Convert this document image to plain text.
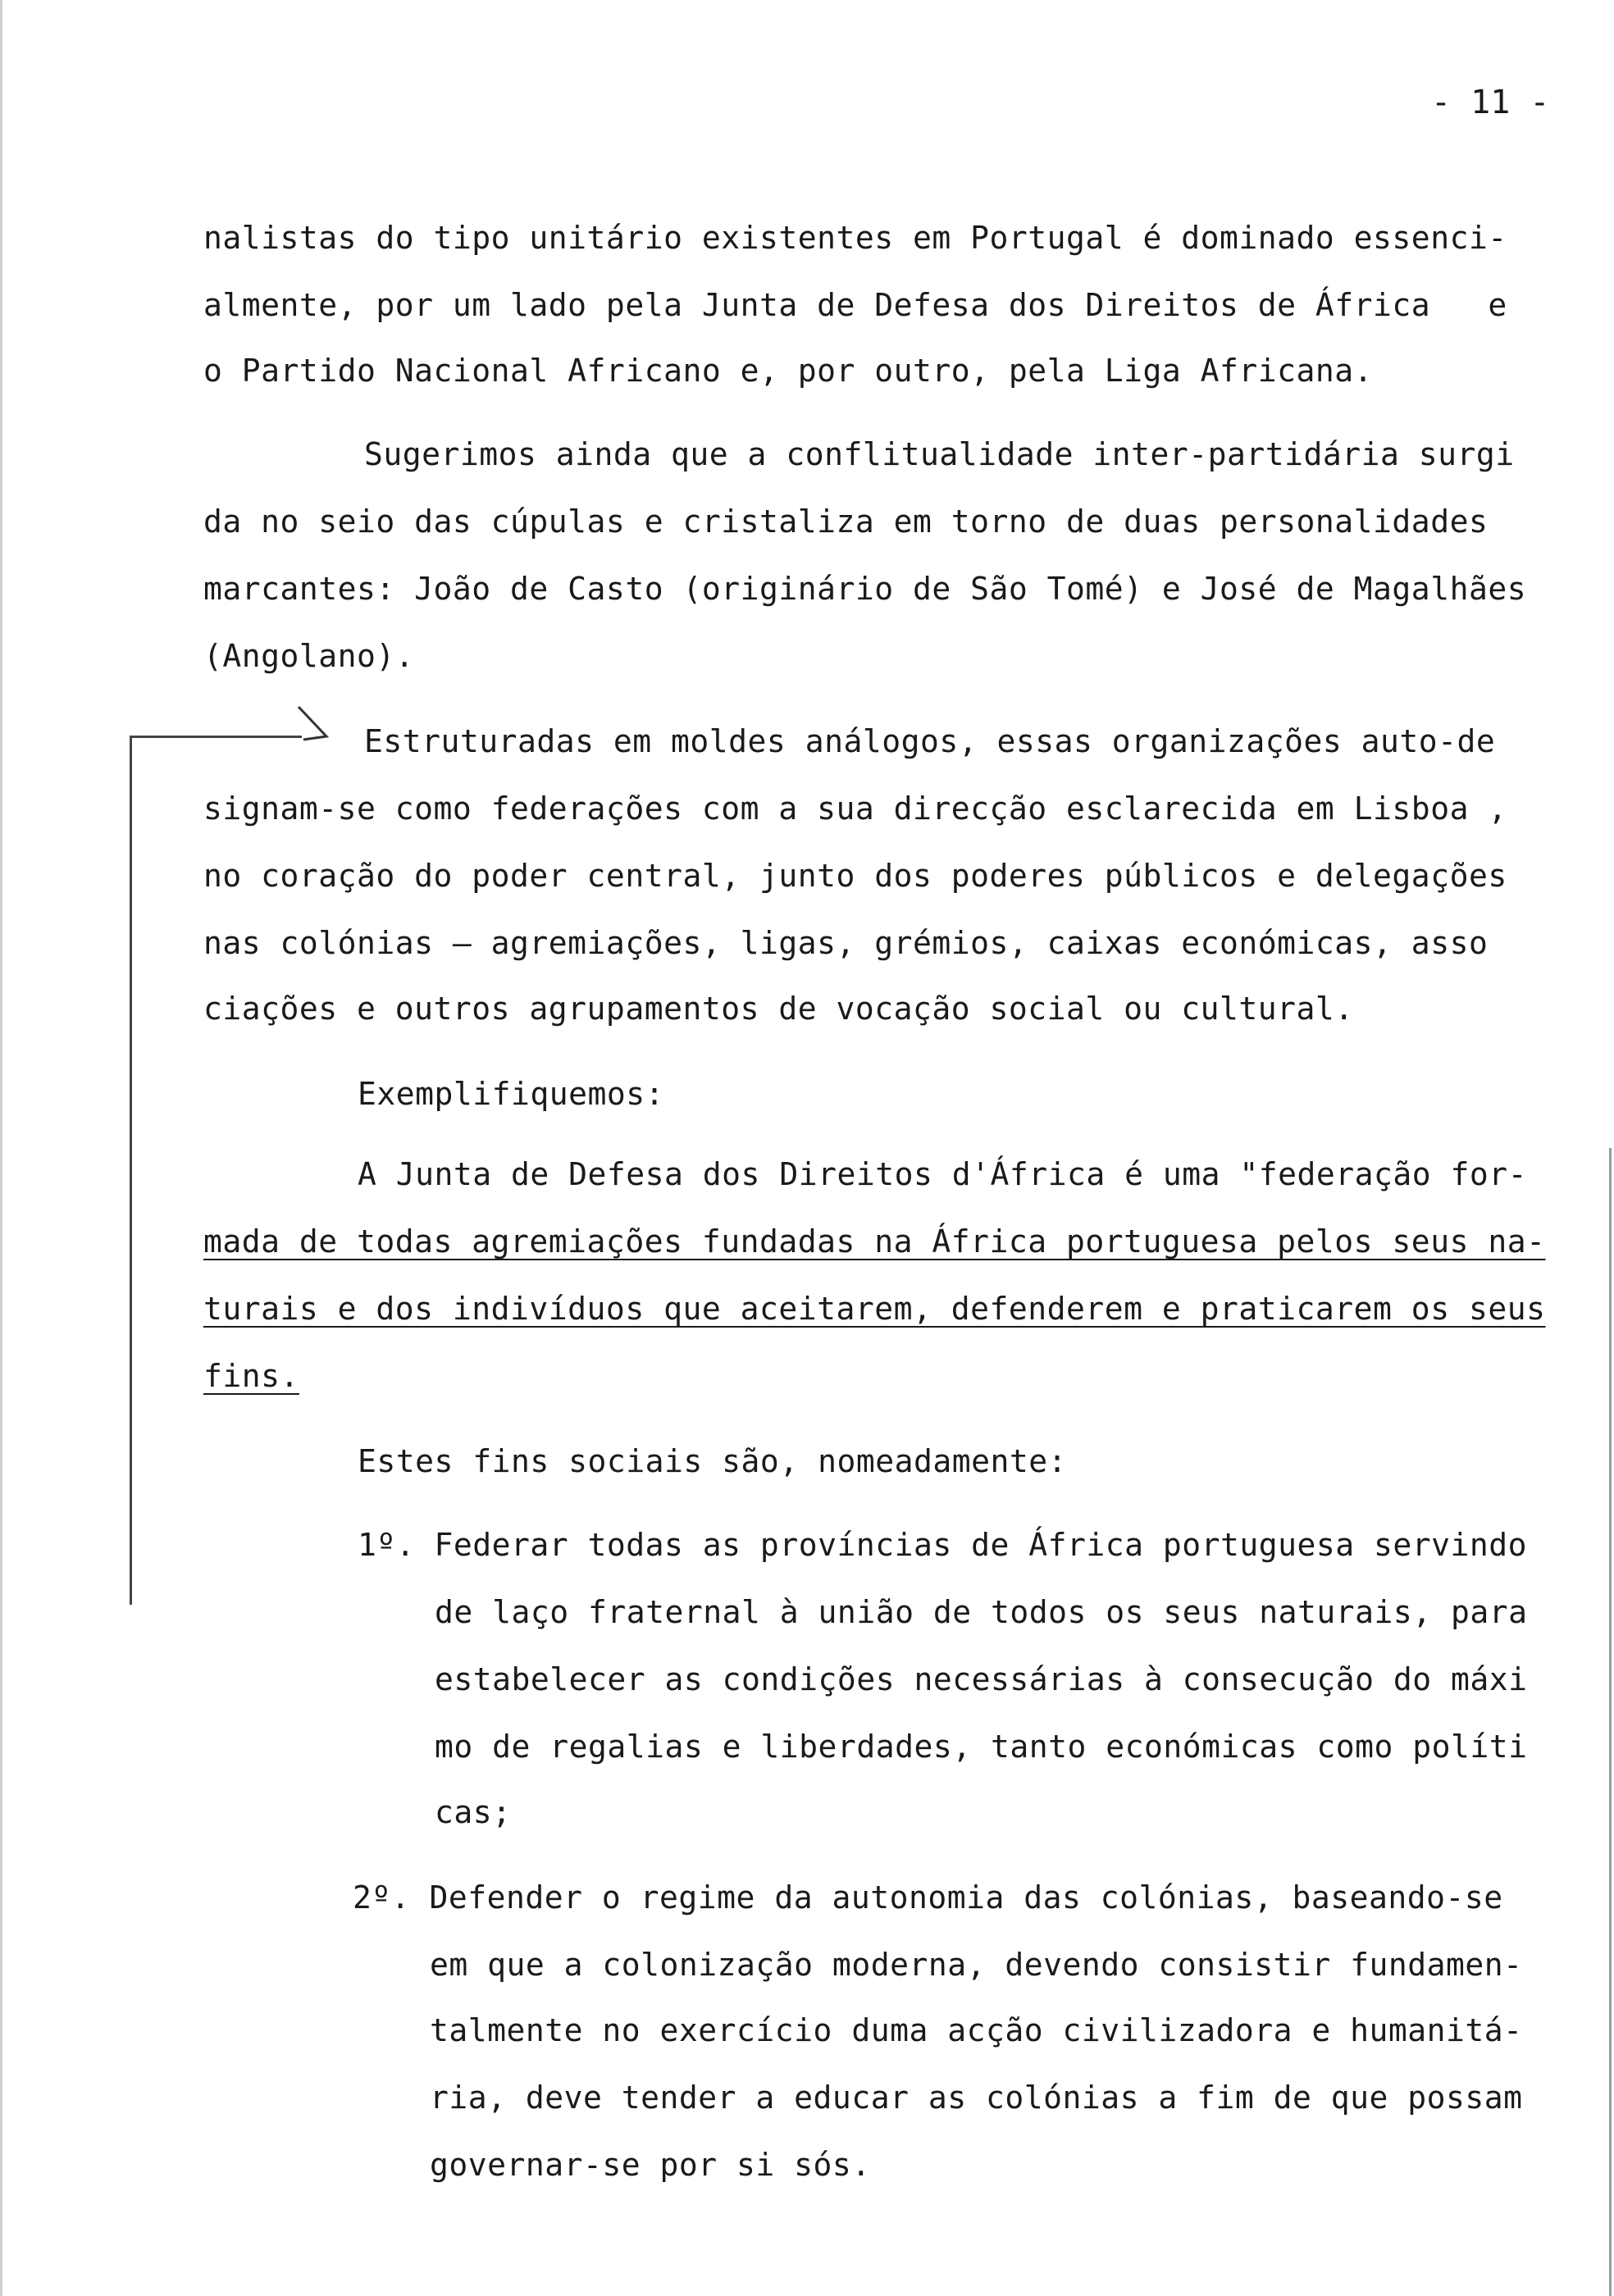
- 11 -
nalistas do tipo unitário existentes em Portugal é dominado essenci-
almente, por um lado pela Junta de Defesa dos Direitos de África   e
o Partido Nacional Africano e, por outro, pela Liga Africana.
Sugerimos ainda que a conflitualidade inter-partidária surgi
da no seio das cúpulas e cristaliza em torno de duas personalidades
marcantes: João de Casto (originário de São Tomé) e José de Magalhães
(Angolano).
Estruturadas em moldes análogos, essas organizações auto-de
signam-se como federações com a sua direcção esclarecida em Lisboa ,
no coração do poder central, junto dos poderes públicos e delegações
nas colónias — agremiações, ligas, grémios, caixas económicas, asso
ciações e outros agrupamentos de vocação social ou cultural.
Exemplifiquemos:
A Junta de Defesa dos Direitos d'África é uma "federação for-
mada de todas agremiações fundadas na África portuguesa pelos seus na-
turais e dos indivíduos que aceitarem, defenderem e praticarem os seus
fins.
Estes fins sociais são, nomeadamente:
1º. Federar todas as províncias de África portuguesa servindo
de laço fraternal à união de todos os seus naturais, para
estabelecer as condições necessárias à consecução do máxi
mo de regalias e liberdades, tanto económicas como políti
cas;
2º. Defender o regime da autonomia das colónias, baseando-se
em que a colonização moderna, devendo consistir fundamen-
talmente no exercício duma acção civilizadora e humanitá-
ria, deve tender a educar as colónias a fim de que possam
governar-se por si sós.
